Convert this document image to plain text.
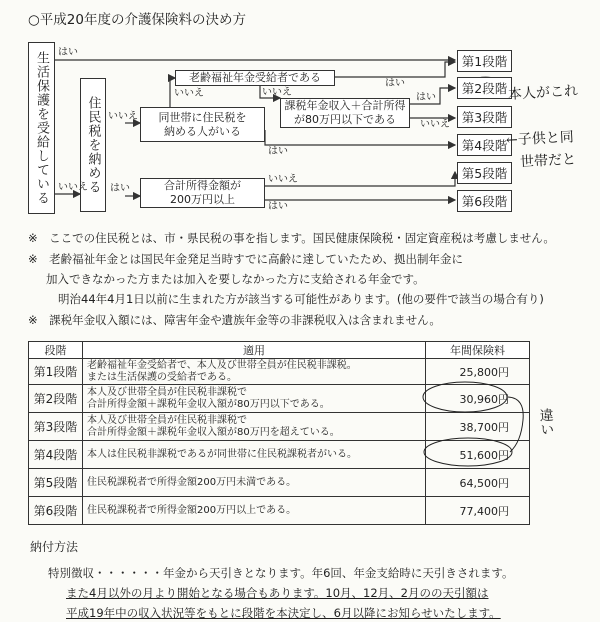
○平成20年度の介護保険料の決め方
生活保護を受給している	住民税を納める
老齢福祉年金受給者である
同世帯に住民税を
納める人がいる
課税年金収入＋合計所得
が80万円以下である
合計所得金額が
200万円以上
第1段階
第2段階
第3段階
第4段階
第5段階
第6段階
はい
いいえ
いいえ
はい
いいえ
はい
いいえ	はい
いいえ
はい
いいえ
はい
本人がこれ
←子供と同
世帯だと
※　ここでの住民税とは、市・県民税の事を指します。国民健康保険税・固定資産税は考慮しません。
※　老齢福祉年金とは国民年金発足当時すでに高齢に達していたため、拠出制年金に
加入できなかった方または加入を要しなかった方に支給される年金です。
明治44年4月1日以前に生まれた方が該当する可能性があります。(他の要件で該当の場合有り)
※　課税年金収入額には、障害年金や遺族年金等の非課税収入は含まれません。
段階	適用	年間保険料
第1段階	老齢福祉年金受給者で、本人及び世帯全員が住民税非課税。
または生活保護の受給者である。	25,800円
第2段階	本人及び世帯全員が住民税非課税で
合計所得金額＋課税年金収入額が80万円以下である。	30,960円
第3段階	本人及び世帯全員が住民税非課税で
合計所得金額＋課税年金収入額が80万円を超えている。	38,700円
第4段階	本人は住民税非課税であるが同世帯に住民税課税者がいる。	51,600円
第5段階	住民税課税者で所得金額200万円未満である。	64,500円
第6段階	住民税課税者で所得金額200万円以上である。	77,400円
違い
納付方法
特別徴収・・・・・・年金から天引きとなります。年6回、年金支給時に天引きされます。
また4月以外の月より開始となる場合もあります。10月、12月、2月のの天引額は
平成19年中の収入状況等をもとに段階を本決定し、6月以降にお知らせいたします。
